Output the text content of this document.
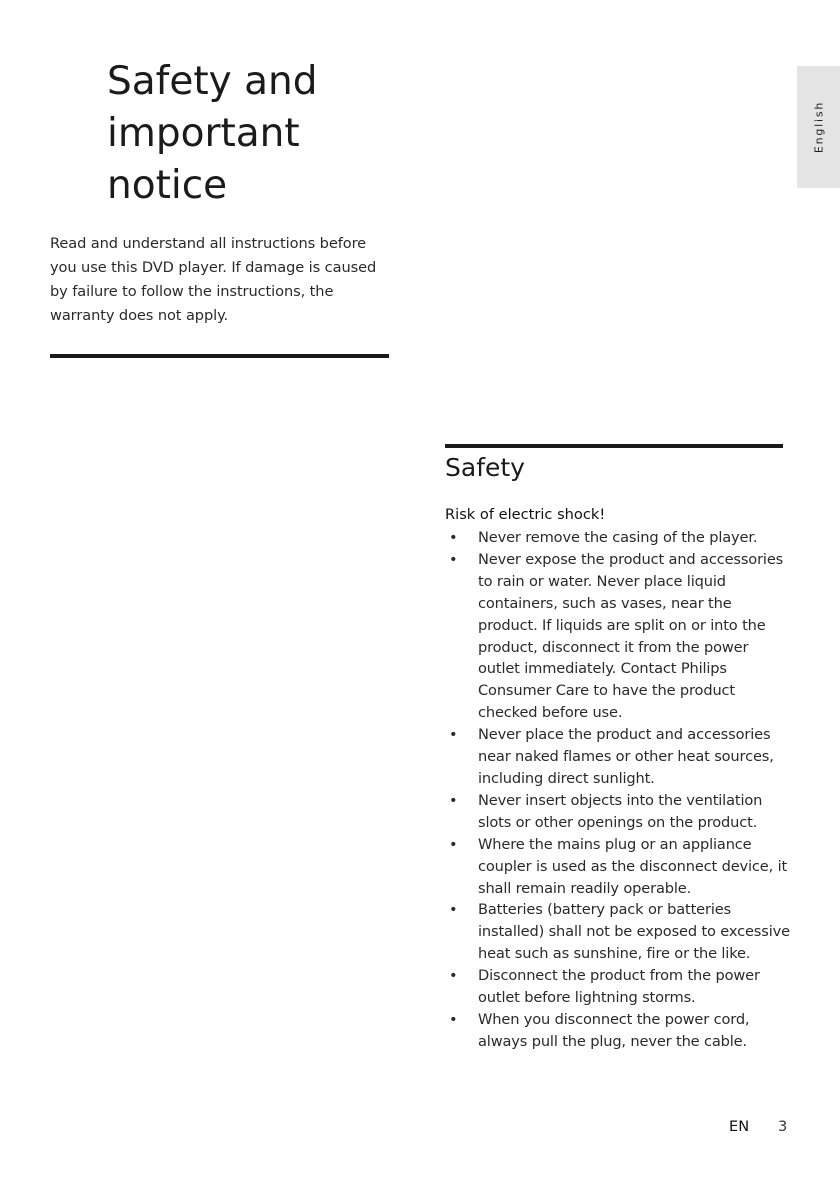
Safety and
important
notice

Read and understand all instructions before you use this DVD player. If damage is caused by failure to follow the instructions, the warranty does not apply.

English
Safety
Risk of electric shock!
• Never remove the casing of the player.
• Never expose the product and accessories to rain or water. Never place liquid containers, such as vases, near the product. If liquids are split on or into the product, disconnect it from the power outlet immediately. Contact Philips Consumer Care to have the product checked before use.
• Never place the product and accessories near naked flames or other heat sources, including direct sunlight.
• Never insert objects into the ventilation slots or other openings on the product.
• Where the mains plug or an appliance coupler is used as the disconnect device, it shall remain readily operable.
• Batteries (battery pack or batteries installed) shall not be exposed to excessive heat such as sunshine, fire or the like.
• Disconnect the product from the power outlet before lightning storms.
• When you disconnect the power cord, always pull the plug, never the cable.
EN 3
